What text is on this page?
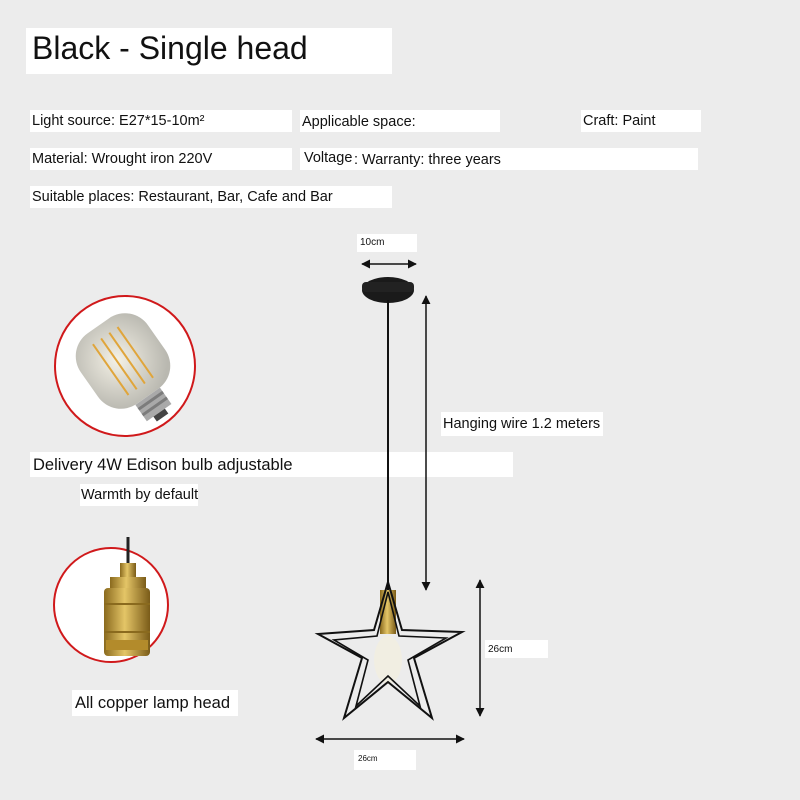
Black - Single head
Light source: E27*15-10m²	Applicable space:	Craft: Paint
Material: Wrought iron 220V	Voltage : Warranty: three years
Suitable places: Restaurant, Bar, Cafe and Bar
Delivery 4W Edison bulb adjustable
Warmth by default
All copper lamp head
10cm
Hanging wire 1.2 meters
26cm
26cm
